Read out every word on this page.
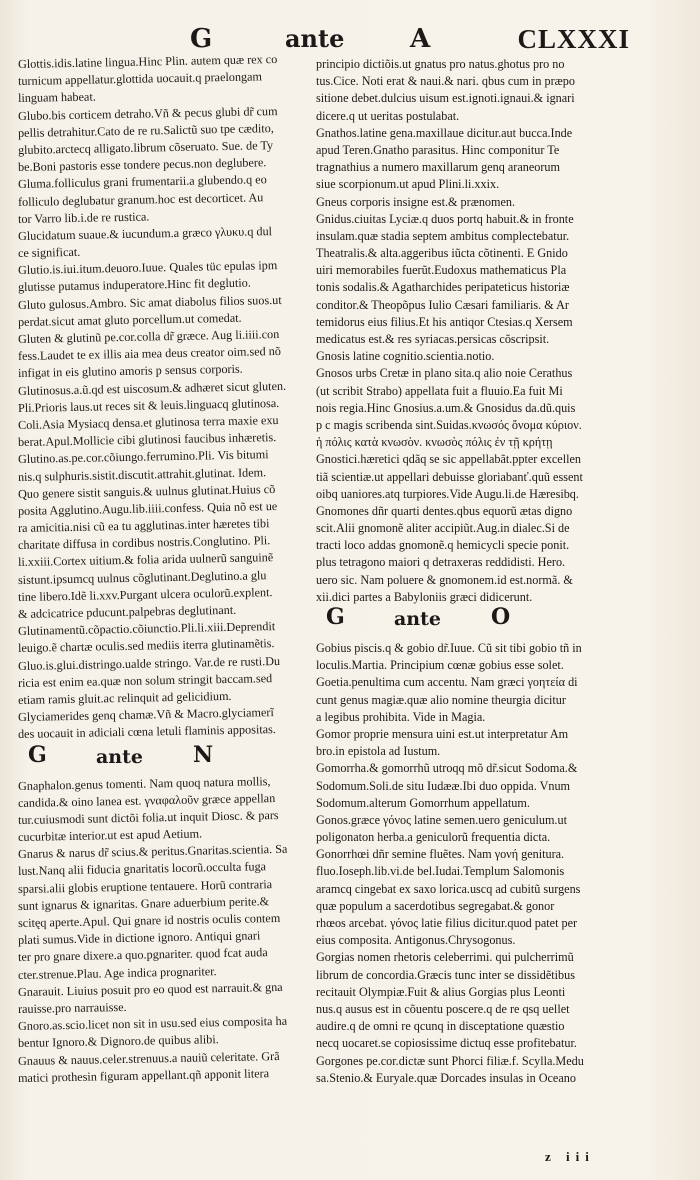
G	ante	A	CLXXXI
Glottis.idis.latine lingua.Hinc Plin. autem quæ rex co
turnicum appellatur.glottida uocauit.q praelongam
linguam habeat.
Glubo.bis corticem detraho.Vñ & pecus glubi dr̃ cum
pellis detrahitur.Cato de re ru.Salictũ suo tpe cædito,
glubito.arctecq alligato.librum cõseruato. Sue. de Ty
be.Boni pastoris esse tondere pecus.non deglubere.
Gluma.folliculus grani frumentarii.a glubendo.q eo
folliculo deglubatur granum.hoc est decorticet. Au
tor Varro lib.i.de re rustica.
Glucidatum suaue.& iucundum.a græco γλυκυ.q dul
ce significat.
Glutio.is.iui.itum.deuoro.Iuue. Quales tüc epulas ipm
glutisse putamus induperatore.Hinc fit deglutio.
Gluto gulosus.Ambro. Sic amat diabolus filios suos.ut
perdat.sicut amat gluto porcellum.ut comedat.
Gluten & glutinũ pe.cor.colla dr̃ græce. Aug li.iiii.con
fess.Laudet te ex illis aia mea deus creator oim.sed nõ
infigat in eis glutino amoris p sensus corporis.
Glutinosus.a.ũ.qd est uiscosum.& adhæret sicut gluten.
Pli.Prioris laus.ut reces sit & leuis.linguacq glutinosa.
Coli.Asia Mysiacq densa.et glutinosa terra maxie exu
berat.Apul.Mollicie cibi glutinosi faucibus inhæretis.
Glutino.as.pe.cor.cõiungo.ferrumino.Pli. Vis bitumi
nis.q sulphuris.sistit.discutit.attrahit.glutinat. Idem.
Quo genere sistit sanguis.& uulnus glutinat.Huius cõ
posita Agglutino.Augu.lib.iiii.confess. Quia nõ est ue
ra amicitia.nisi cũ ea tu agglutinas.inter hæretes tibi
charitate diffusa in cordibus nostris.Conglutino. Pli.
li.xxiii.Cortex uitium.& folia arida uulnerũ sanguinẽ
sistunt.ipsumcq uulnus cõglutinant.Deglutino.a glu
tine libero.Idẽ li.xxv.Purgant ulcera oculorũ.explent.
& adcicatrice pducunt.palpebras deglutinant.
Glutinamentũ.cõpactio.cõiunctio.Pli.li.xiii.Deprendit
leuigo.ẽ chartæ oculis.sed mediis iterra glutinamẽtis.
Gluo.is.glui.distringo.ualde stringo. Var.de re rusti.Du
ricia est enim ea.quæ non solum stringit baccam.sed
etiam ramis gluit.ac relinquit ad gelicidium.
Glyciamerides genq chamæ.Vñ & Macro.glyciamerĩ
des uocauit in adiciali cœna letuli flaminis appositas.
G	ante N
Gnaphalon.genus tomenti. Nam quoq natura mollis,
candida.& oino lanea est. γναφαλοῦν græce appellan
tur.cuiusmodi sunt dictõi folia.ut inquit Diosc. & pars
cucurbitæ interior.ut est apud Aetium.
Gnarus & narus dr̃ scius.& peritus.Gnaritas.scientia. Sa
lust.Nanq alii fiducia gnaritatis locorũ.occulta fuga
sparsi.alii globis eruptione tentauere. Horũ contraria
sunt ignarus & ignaritas. Gnare aduerbium perite.&
scitęq aperte.Apul. Qui gnare id nostris oculis contem
plati sumus.Vide in dictione ignoro. Antiqui gnari
ter pro gnare dixere.a quo.pgnariter. quod fcat auda
cter.strenue.Plau. Age indica prognariter.
Gnarauit. Liuius posuit pro eo quod est narrauit.& gna
rauisse.pro narrauisse.
Gnoro.as.scio.licet non sit in usu.sed eius composita ha
bentur Ignoro.& Dignoro.de quibus alibi.
Gnauus & nauus.celer.strenuus.a nauiũ celeritate. Grã
matici prothesin figuram appellant.qñ apponit litera
principio dictiõis.ut gnatus pro natus.ghotus pro no
tus.Cice. Noti erat & naui.& nari. qbus cum in præpo
sitione debet.dulcius uisum est.ignoti.ignaui.& ignari
dicere.q ut ueritas postulabat.
Gnathos.latine gena.maxillaue dicitur.aut bucca.Inde
apud Teren.Gnatho parasitus. Hinc componitur Te
tragnathius a numero maxillarum genq araneorum
siue scorpionum.ut apud Plini.li.xxix.
Gneus corporis insigne est.& prænomen.
Gnidus.ciuitas Lyciæ.q duos portq habuit.& in fronte
insulam.quæ stadia septem ambitus complectebatur.
Theatralis.& alta.aggeribus iũcta cõtinenti. E Gnido
uiri memorabiles fuerũt.Eudoxus mathematicus Pla
tonis sodalis.& Agatharchides peripateticus historiæ
conditor.& Theopõpus Iulio Cæsari familiaris. & Ar
temidorus eius filius.Et his antiqor Ctesias.q Xersem
medicatus est.& res syriacas.persicas cõscripsit.
Gnosis latine cognitio.scientia.notio.
Gnosos urbs Cretæ in plano sita.q alio noie Cerathus
(ut scribit Strabo) appellata fuit a fluuio.Ea fuit Mi
nois regia.Hinc Gnosius.a.um.& Gnosidus da.dũ.quis
p c magis scribenda sint.Suidas.κνωσός ὄνομα κύριον.
ἡ πόλις κατὰ κνωσὸν. κνωσὸς πόλις ἐν τῇ κρήτῃ
Gnostici.hæretici qdãq se sic appellabãt.ppter excellen
tiã scientiæ.ut appellari debuisse gloriabanť.quũ essent
oibq uaniores.atq turpiores.Vide Augu.li.de Hæresibq.
Gnomones dñr quarti dentes.qbus equorũ ætas digno
scit.Alii gnomonẽ aliter accipiũt.Aug.in dialec.Si de
tracti loco addas gnomonẽ.q hemicycli specie ponit.
plus tetragono maiori q detraxeras reddidisti. Hero.
uero sic. Nam poluere & gnomonem.id est.normã. &
xii.dici partes a Babyloniis græci didicerunt.
G	ante O
Gobius piscis.q & gobio dr̃.Iuue. Cũ sit tibi gobio tñ in
loculis.Martia. Principium cœnæ gobius esse solet.
Goetia.penultima cum accentu. Nam græci γοητεία di
cunt genus magiæ.quæ alio nomine theurgia dicitur
a legibus prohibita. Vide in Magia.
Gomor proprie mensura uini est.ut interpretatur Am
bro.in epistola ad Iustum.
Gomorrha.& gomorrhũ utroqq mõ dr̃.sicut Sodoma.&
Sodomum.Soli.de situ Iudææ.Ibi duo oppida. Vnum
Sodomum.alterum Gomorrhum appellatum.
Gonos.græce γόνος latine semen.uero geniculum.ut
poligonaton herba.a geniculorũ frequentia dicta.
Gonorrhœi dñr semine fluẽtes. Nam γονή genitura.
fluo.Ioseph.lib.vi.de bel.Iudai.Templum Salomonis
aramcq cingebat ex saxo lorica.uscq ad cubitũ surgens
quæ populum a sacerdotibus segregabat.& gonor
rhœos arcebat. γόνος latie filius dicitur.quod patet per
eius composita. Antigonus.Chrysogonus.
Gorgias nomen rhetoris celeberrimi. qui pulcherrimũ
librum de concordia.Græcis tunc inter se dissidẽtibus
recitauit Olympiæ.Fuit & alius Gorgias plus Leonti
nus.q ausus est in cõuentu poscere.q de re qsq uellet
audire.q de omni re qcunq in disceptatione quæstio
necq uocaret.se copiosissime dictuq esse profitebatur.
Gorgones pe.cor.dictæ sunt Phorci filiæ.f. Scylla.Medu
sa.Stenio.& Euryale.quæ Dorcades insulas in Oceano
z iii
